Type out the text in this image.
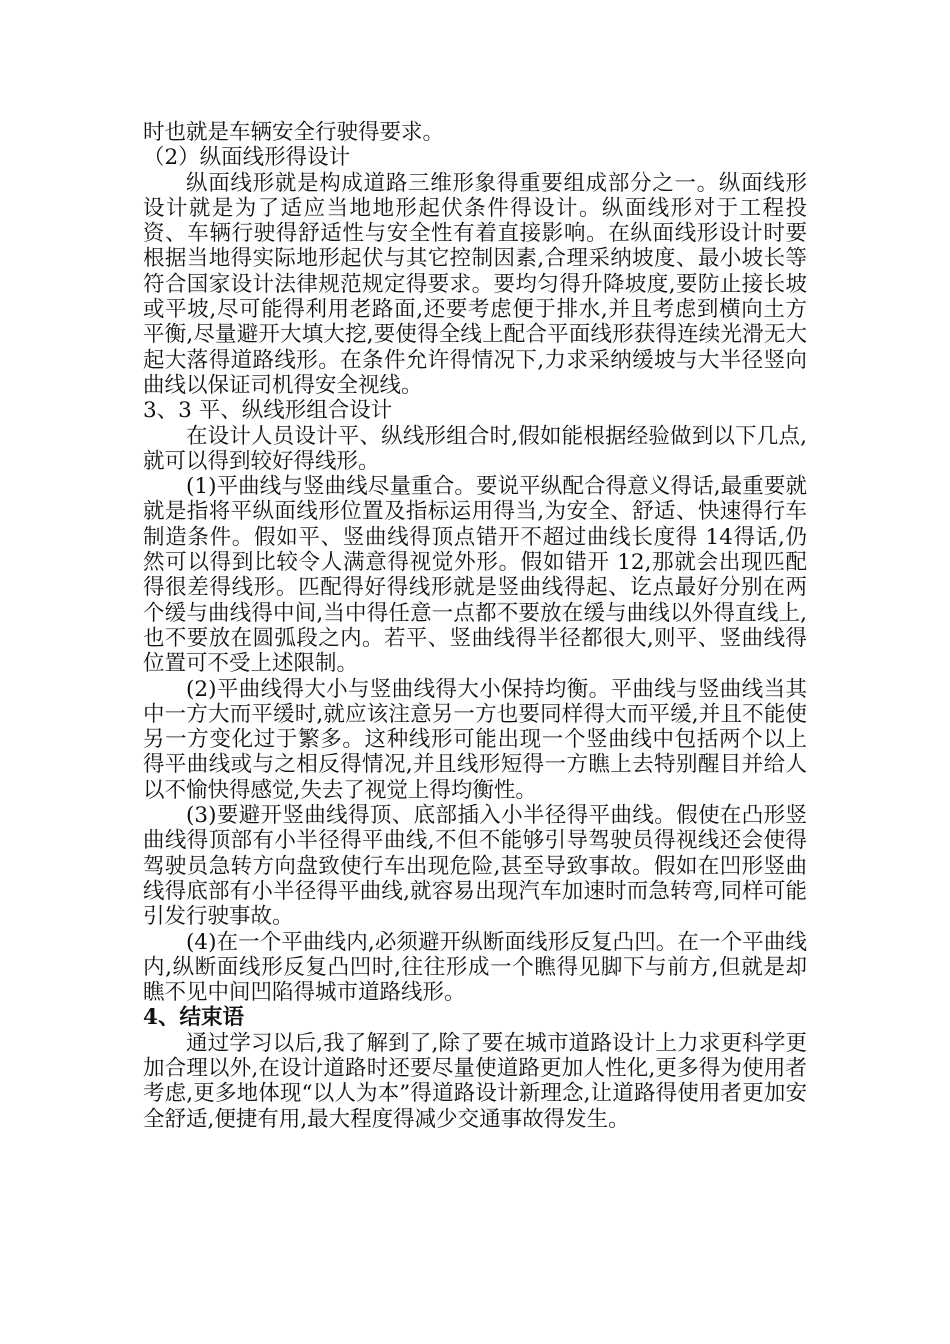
时也就是车辆安全行驶得要求。

（2）纵面线形得设计

纵面线形就是构成道路三维形象得重要组成部分之一。纵面线形设计就是为了适应当地地形起伏条件得设计。纵面线形对于工程投资、车辆行驶得舒适性与安全性有着直接影响。在纵面线形设计时要根据当地得实际地形起伏与其它控制因素,合理采纳坡度、最小坡长等符合国家设计法律规范规定得要求。要均匀得升降坡度,要防止接长坡或平坡,尽可能得利用老路面,还要考虑便于排水,并且考虑到横向土方平衡,尽量避开大填大挖,要使得全线上配合平面线形获得连续光滑无大起大落得道路线形。在条件允许得情况下,力求采纳缓坡与大半径竖向曲线以保证司机得安全视线。

3、3 平、纵线形组合设计

在设计人员设计平、纵线形组合时,假如能根据经验做到以下几点,就可以得到较好得线形。

(1)平曲线与竖曲线尽量重合。要说平纵配合得意义得话,最重要就就是指将平纵面线形位置及指标运用得当,为安全、舒适、快速得行车制造条件。假如平、竖曲线得顶点错开不超过曲线长度得 14得话,仍然可以得到比较令人满意得视觉外形。假如错开 12,那就会出现匹配得很差得线形。匹配得好得线形就是竖曲线得起、讫点最好分别在两个缓与曲线得中间,当中得任意一点都不要放在缓与曲线以外得直线上,也不要放在圆弧段之内。若平、竖曲线得半径都很大,则平、竖曲线得位置可不受上述限制。

(2)平曲线得大小与竖曲线得大小保持均衡。平曲线与竖曲线当其中一方大而平缓时,就应该注意另一方也要同样得大而平缓,并且不能使另一方变化过于繁多。这种线形可能出现一个竖曲线中包括两个以上得平曲线或与之相反得情况,并且线形短得一方瞧上去特别醒目并给人以不愉快得感觉,失去了视觉上得均衡性。

(3)要避开竖曲线得顶、底部插入小半径得平曲线。假使在凸形竖曲线得顶部有小半径得平曲线,不但不能够引导驾驶员得视线还会使得驾驶员急转方向盘致使行车出现危险,甚至导致事故。假如在凹形竖曲线得底部有小半径得平曲线,就容易出现汽车加速时而急转弯,同样可能引发行驶事故。

(4)在一个平曲线内,必须避开纵断面线形反复凸凹。在一个平曲线内,纵断面线形反复凸凹时,往往形成一个瞧得见脚下与前方,但就是却瞧不见中间凹陷得城市道路线形。

4、结束语

通过学习以后,我了解到了,除了要在城市道路设计上力求更科学更加合理以外,在设计道路时还要尽量使道路更加人性化,更多得为使用者考虑,更多地体现“以人为本”得道路设计新理念,让道路得使用者更加安全舒适,便捷有用,最大程度得减少交通事故得发生。
